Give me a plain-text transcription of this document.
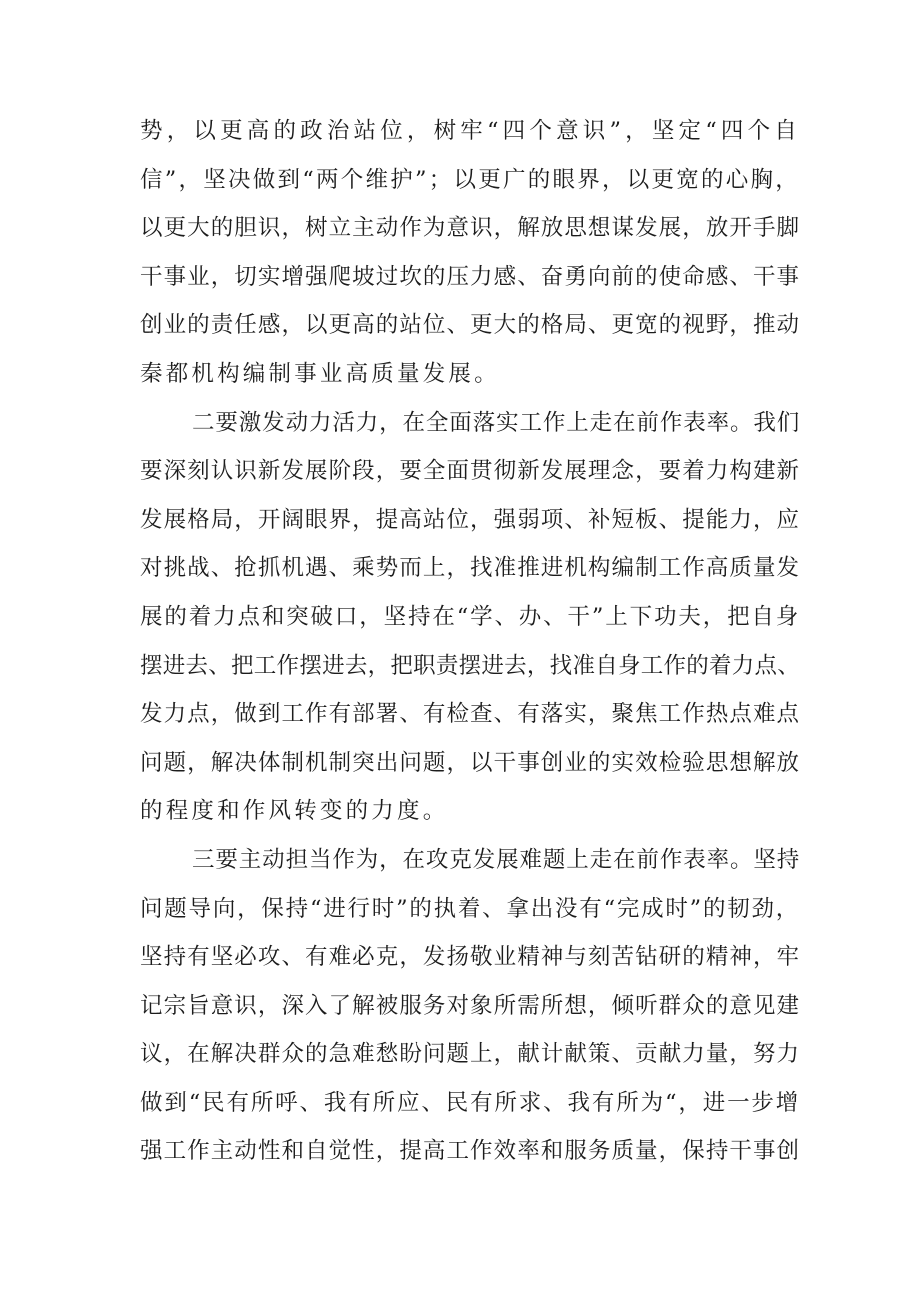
势，以更高的政治站位，树牢“四个意识”，坚定“四个自
信”，坚决做到“两个维护”；以更广的眼界，以更宽的心胸，
以更大的胆识，树立主动作为意识，解放思想谋发展，放开手脚
干事业，切实增强爬坡过坎的压力感、奋勇向前的使命感、干事
创业的责任感，以更高的站位、更大的格局、更宽的视野，推动
秦都机构编制事业高质量发展。
二要激发动力活力，在全面落实工作上走在前作表率。我们
要深刻认识新发展阶段，要全面贯彻新发展理念，要着力构建新
发展格局，开阔眼界，提高站位，强弱项、补短板、提能力，应
对挑战、抢抓机遇、乘势而上，找准推进机构编制工作高质量发
展的着力点和突破口，坚持在“学、办、干”上下功夫，把自身
摆进去、把工作摆进去，把职责摆进去，找准自身工作的着力点、
发力点，做到工作有部署、有检查、有落实，聚焦工作热点难点
问题，解决体制机制突出问题，以干事创业的实效检验思想解放
的程度和作风转变的力度。
三要主动担当作为，在攻克发展难题上走在前作表率。坚持
问题导向，保持“进行时”的执着、拿出没有“完成时”的韧劲，
坚持有坚必攻、有难必克，发扬敬业精神与刻苦钻研的精神，牢
记宗旨意识，深入了解被服务对象所需所想，倾听群众的意见建
议，在解决群众的急难愁盼问题上，献计献策、贡献力量，努力
做到“民有所呼、我有所应、民有所求、我有所为“，进一步增
强工作主动性和自觉性，提高工作效率和服务质量，保持干事创
